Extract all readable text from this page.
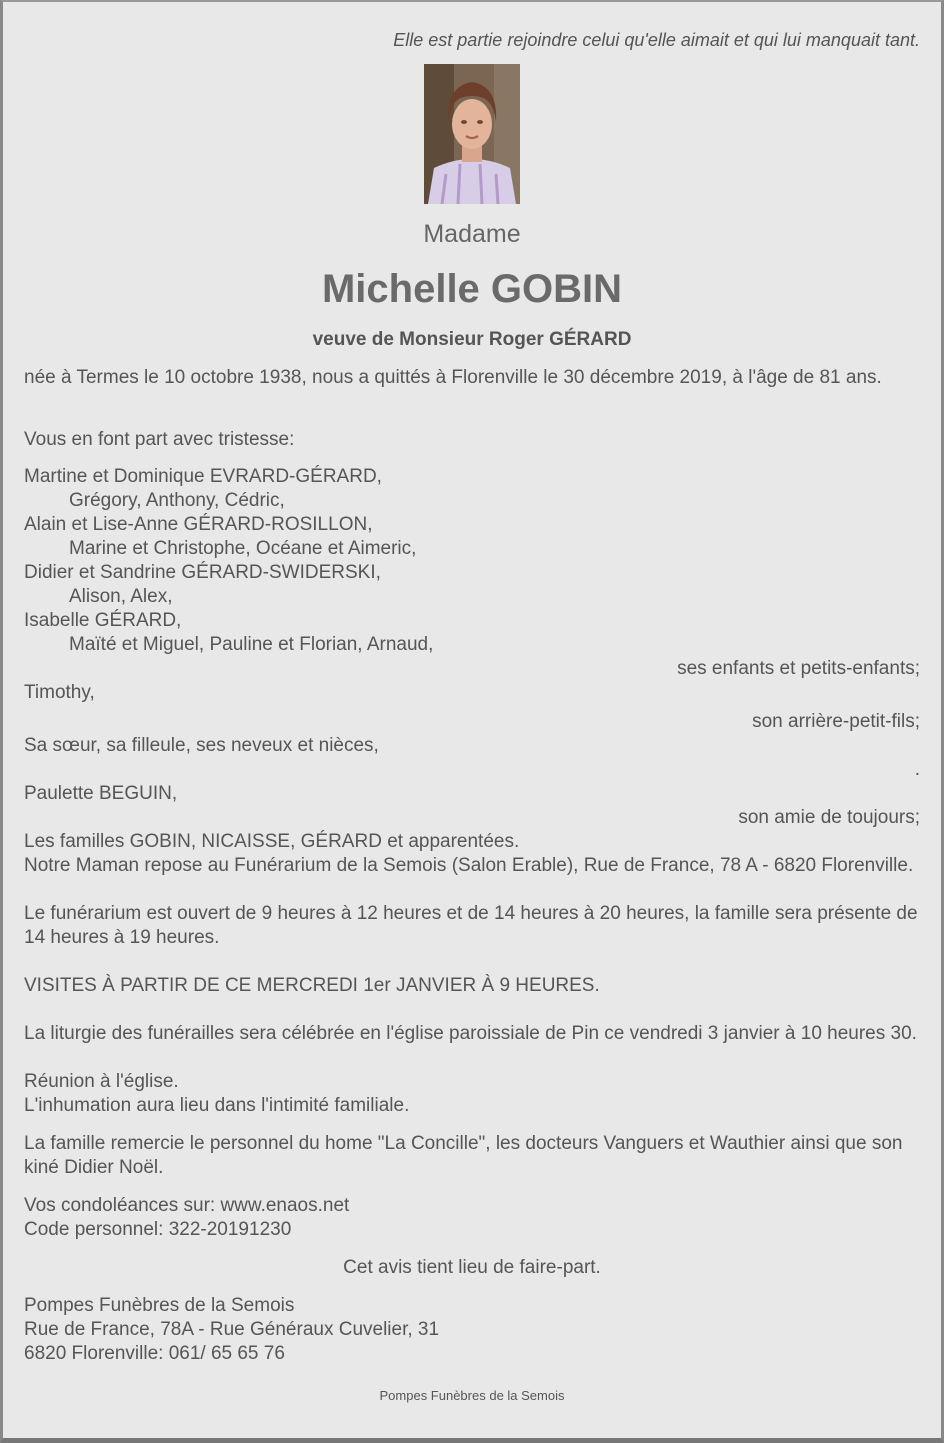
Elle est partie rejoindre celui qu'elle aimait et qui lui manquait tant.
Madame
Michelle GOBIN
veuve de Monsieur Roger GÉRARD
née à Termes le 10 octobre 1938, nous a quittés à Florenville le 30 décembre 2019, à l'âge de 81 ans.
Vous en font part avec tristesse:
Martine et Dominique EVRARD-GÉRARD,
Grégory, Anthony, Cédric,
Alain et Lise-Anne GÉRARD-ROSILLON,
Marine et Christophe, Océane et Aimeric,
Didier et Sandrine GÉRARD-SWIDERSKI,
Alison, Alex,
Isabelle GÉRARD,
Maïté et Miguel, Pauline et Florian, Arnaud,
ses enfants et petits-enfants;
Timothy,
son arrière-petit-fils;
Sa sœur, sa filleule, ses neveux et nièces,
.
Paulette BEGUIN,
son amie de toujours;
Les familles GOBIN, NICAISSE, GÉRARD et apparentées.
Notre Maman repose au Funérarium de la Semois (Salon Erable), Rue de France, 78 A - 6820 Florenville.
Le funérarium est ouvert de 9 heures à 12 heures et de 14 heures à 20 heures, la famille sera présente de 14 heures à 19 heures.
VISITES À PARTIR DE CE MERCREDI 1er JANVIER À 9 HEURES.
La liturgie des funérailles sera célébrée en l'église paroissiale de Pin ce vendredi 3 janvier à 10 heures 30.
Réunion à l'église.
L'inhumation aura lieu dans l'intimité familiale.
La famille remercie le personnel du home "La Concille", les docteurs Vanguers et Wauthier ainsi que son kiné Didier Noël.
Vos condoléances sur: www.enaos.net
Code personnel: 322-20191230
Cet avis tient lieu de faire-part.
Pompes Funèbres de la Semois
Rue de France, 78A - Rue Généraux Cuvelier, 31
6820 Florenville: 061/ 65 65 76
Pompes Funèbres de la Semois
